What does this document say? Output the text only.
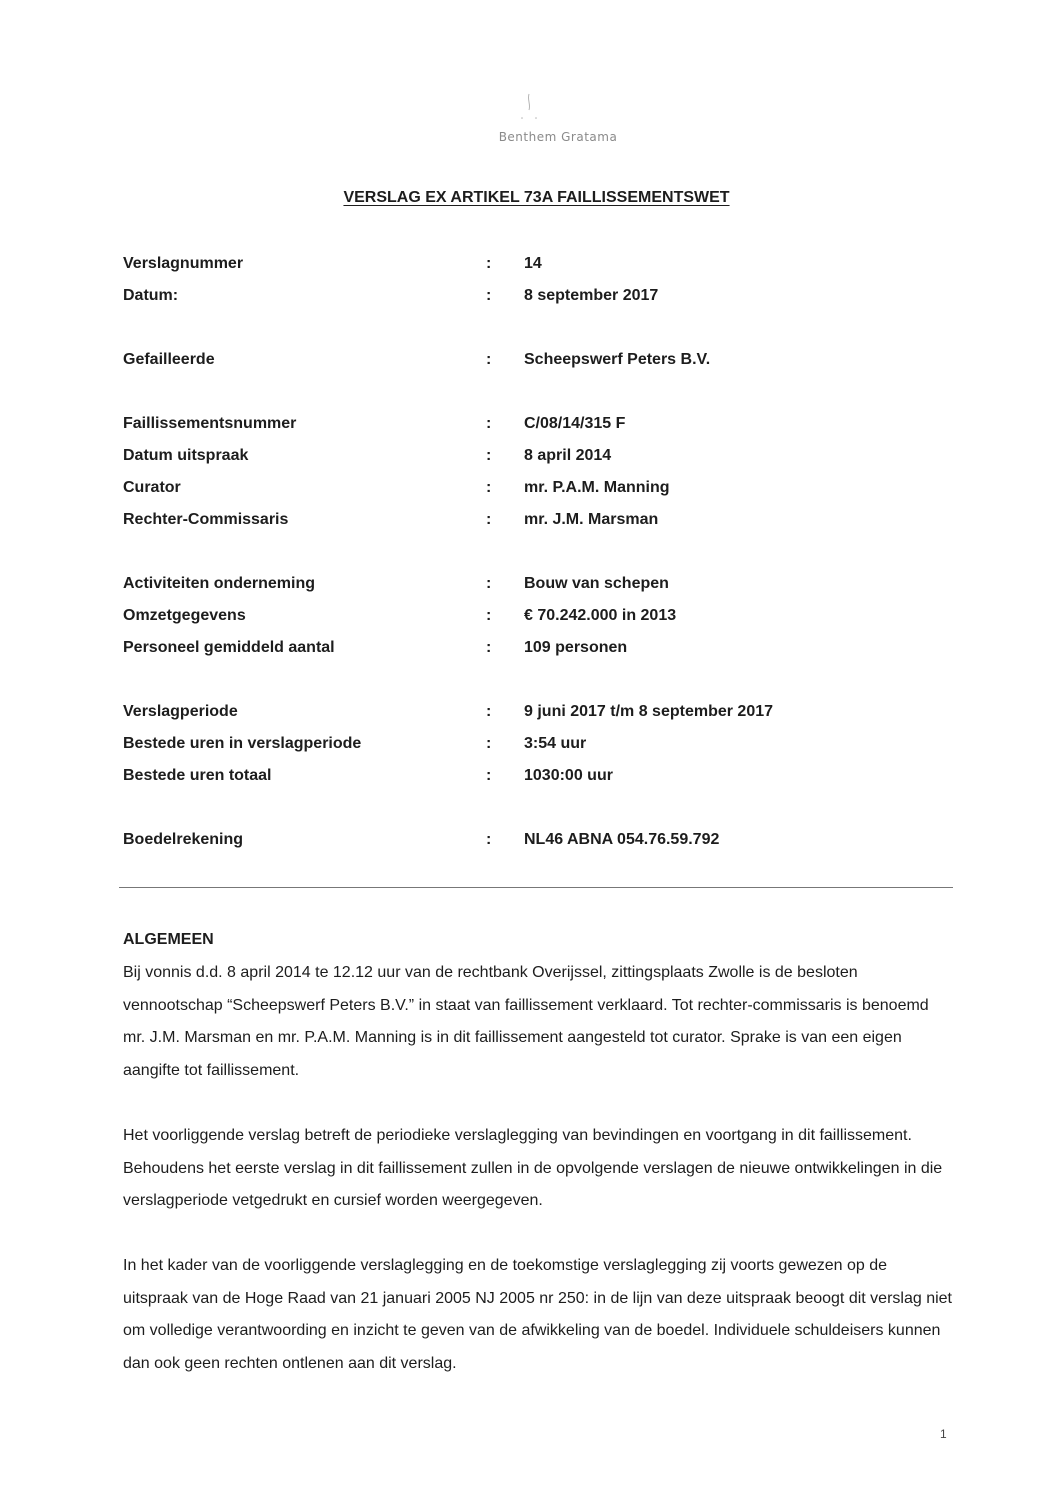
Benthem Gratama
VERSLAG EX ARTIKEL 73A FAILLISSEMENTSWET
Verslagnummer	: 14
Datum:	: 8 september 2017
Gefailleerde	: Scheepswerf Peters B.V.
Faillissementsnummer	: C/08/14/315 F
Datum uitspraak	: 8 april 2014
Curator	: mr. P.A.M. Manning
Rechter-Commissaris	: mr. J.M. Marsman
Activiteiten onderneming	: Bouw van schepen
Omzetgegevens	: € 70.242.000 in 2013
Personeel gemiddeld aantal	: 109 personen
Verslagperiode	: 9 juni 2017 t/m 8 september 2017
Bestede uren in verslagperiode	: 3:54 uur
Bestede uren totaal	: 1030:00 uur
Boedelrekening	: NL46 ABNA 054.76.59.792
ALGEMEEN

Bij vonnis d.d. 8 april 2014 te 12.12 uur van de rechtbank Overijssel, zittingsplaats Zwolle is de besloten vennootschap “Scheepswerf Peters B.V.” in staat van faillissement verklaard. Tot rechter-commissaris is benoemd mr. J.M. Marsman en mr. P.A.M. Manning is in dit faillissement aangesteld tot curator. Sprake is van een eigen aangifte tot faillissement.

Het voorliggende verslag betreft de periodieke verslaglegging van bevindingen en voortgang in dit faillissement. Behoudens het eerste verslag in dit faillissement zullen in de opvolgende verslagen de nieuwe ontwikkelingen in die verslagperiode vetgedrukt en cursief worden weergegeven.

In het kader van de voorliggende verslaglegging en de toekomstige verslaglegging zij voorts gewezen op de uitspraak van de Hoge Raad van 21 januari 2005 NJ 2005 nr 250: in de lijn van deze uitspraak beoogt dit verslag niet om volledige verantwoording en inzicht te geven van de afwikkeling van de boedel. Individuele schuldeisers kunnen dan ook geen rechten ontlenen aan dit verslag.

1
